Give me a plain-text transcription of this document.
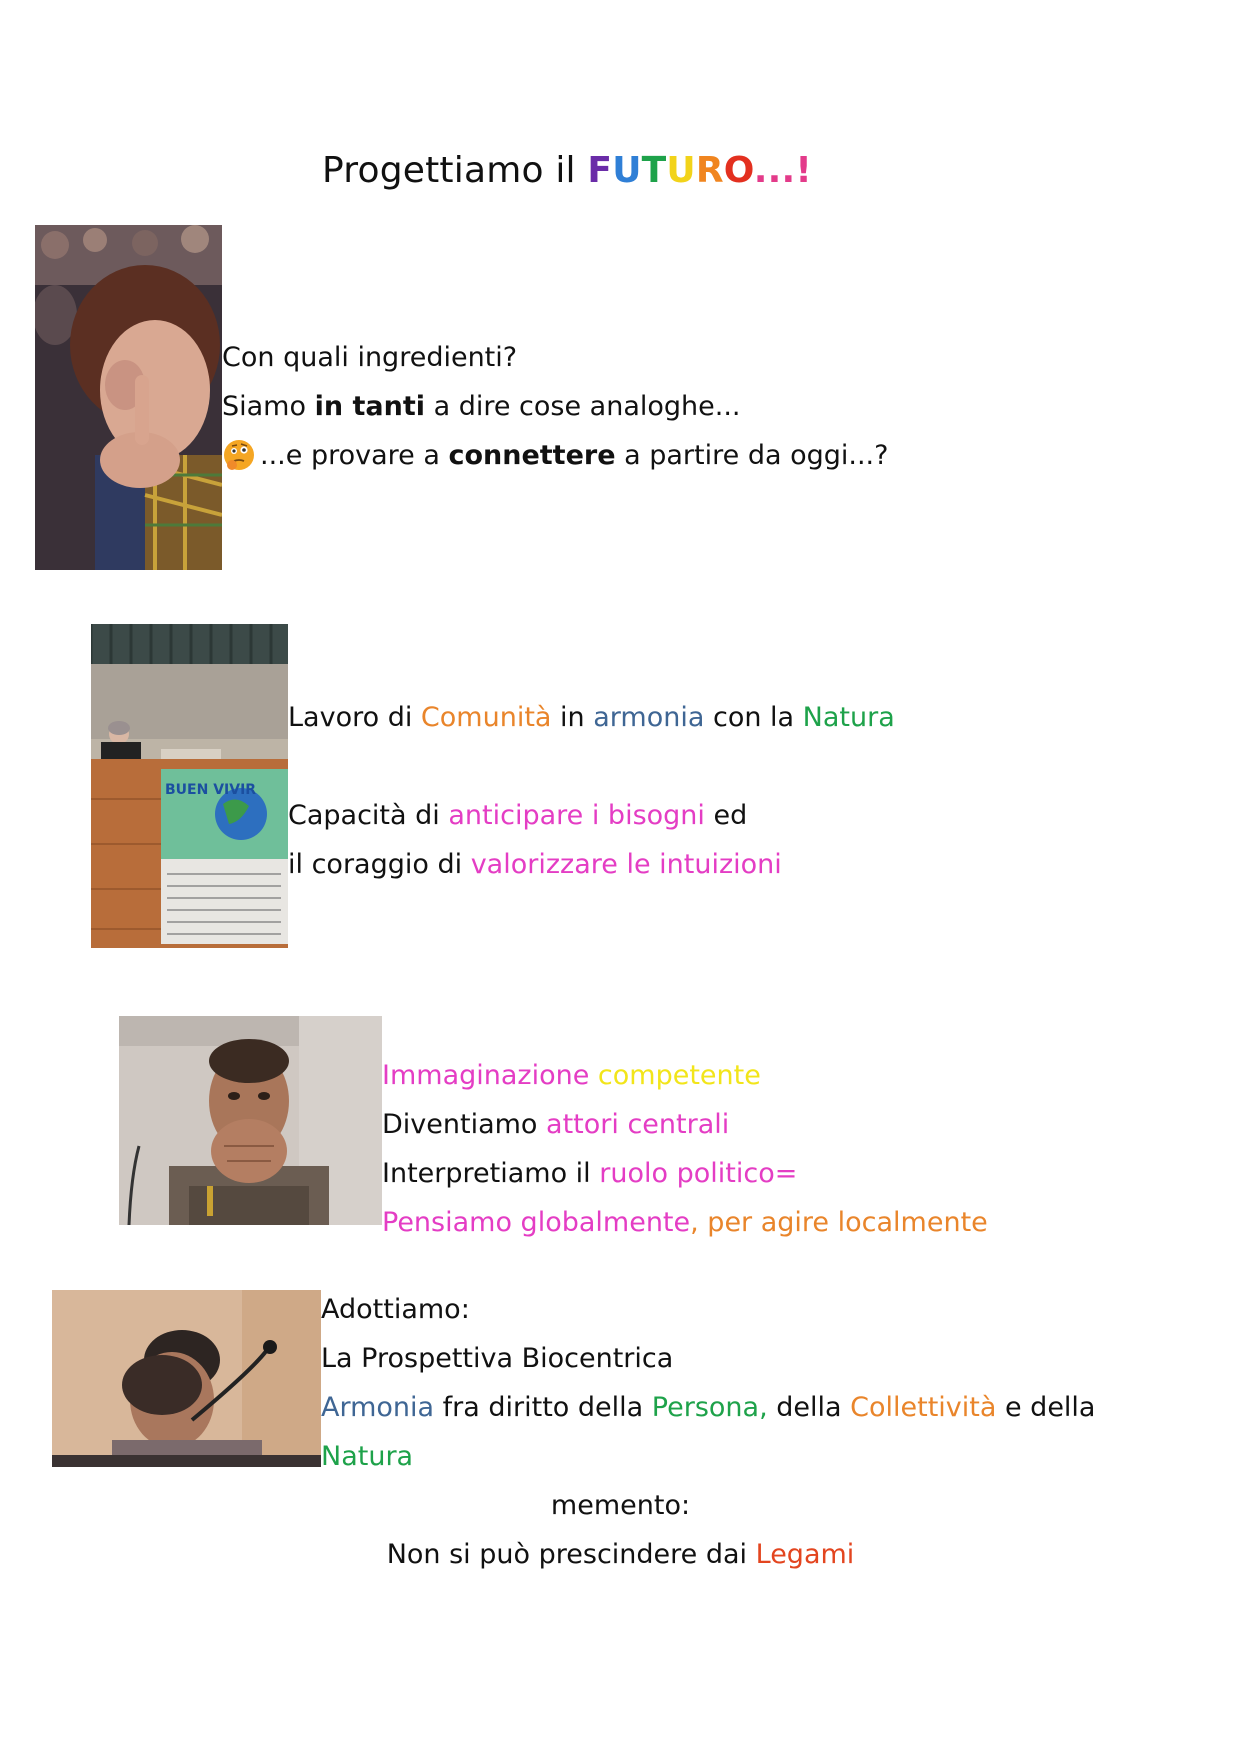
Progettiamo il FUTURO...!
Con quali ingredienti?
Siamo in tanti a dire cose analoghe...
...e provare a connettere a partire da oggi...?
BUEN VIVIR
Lavoro di Comunità in armonia con la Natura
Capacità di anticipare i bisogni ed
il coraggio di valorizzare le intuizioni
Immaginazione competente
Diventiamo attori centrali
Interpretiamo il ruolo politico=
Pensiamo globalmente, per agire localmente
Adottiamo:
La Prospettiva Biocentrica
Armonia fra diritto della Persona, della Collettività e della
Natura
memento:
Non si può prescindere dai Legami
